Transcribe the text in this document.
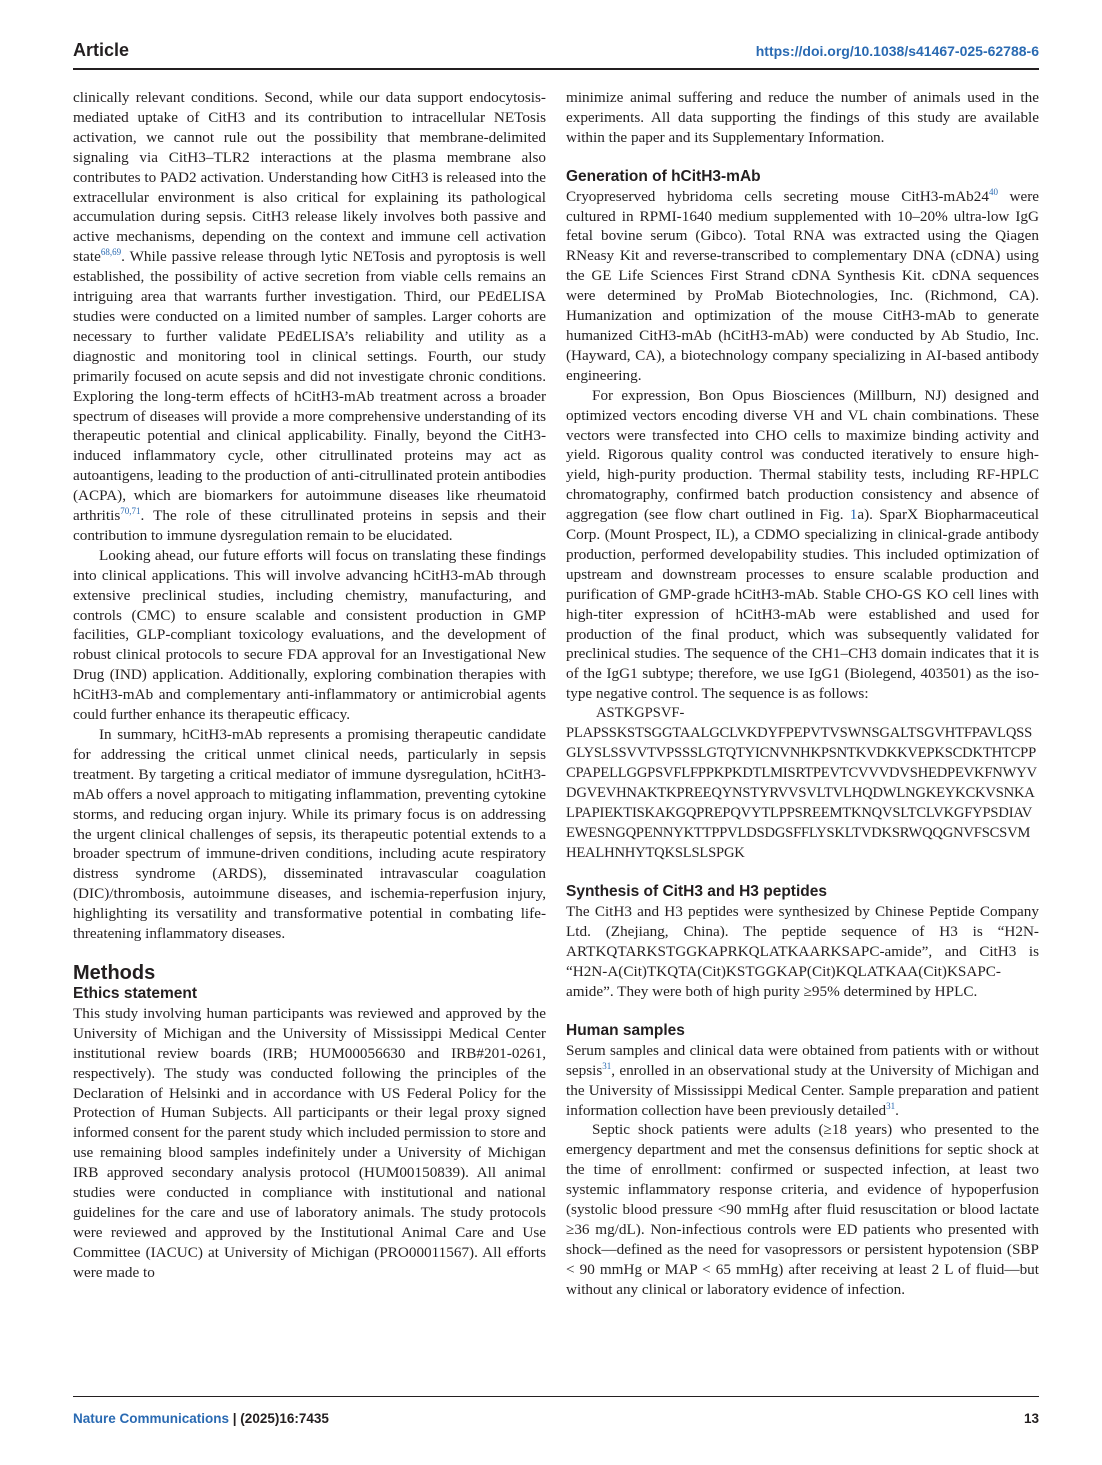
Article	https://doi.org/10.1038/s41467-025-62788-6

clinically relevant conditions. Second, while our data support endocytosis-mediated uptake of CitH3 and its contribution to intracellular NETosis activation, we cannot rule out the possibility that membrane-delimited signaling via CitH3–TLR2 interactions at the plasma membrane also contributes to PAD2 activation. Understanding how CitH3 is released into the extracellular environment is also critical for explaining its pathological accumulation during sepsis. CitH3 release likely involves both passive and active mechanisms, depending on the context and immune cell activation state$^{68,69}$. While passive release through lytic NETosis and pyroptosis is well established, the possibility of active secretion from viable cells remains an intriguing area that warrants further investigation. Third, our PEdELISA studies were conducted on a limited number of samples. Larger cohorts are necessary to further validate PEdELISA’s reliability and utility as a diagnostic and monitoring tool in clinical settings. Fourth, our study primarily focused on acute sepsis and did not investigate chronic conditions. Exploring the long-term effects of hCitH3-mAb treatment across a broader spectrum of diseases will provide a more comprehensive understanding of its therapeutic potential and clinical applicability. Finally, beyond the CitH3-induced inflammatory cycle, other citrullinated proteins may act as autoantigens, leading to the production of anti-citrullinated protein antibodies (ACPA), which are biomarkers for autoimmune diseases like rheumatoid arthritis$^{70,71}$. The role of these citrullinated proteins in sepsis and their contribution to immune dysregulation remain to be elucidated.

Looking ahead, our future efforts will focus on translating these findings into clinical applications. This will involve advancing hCitH3-mAb through extensive preclinical studies, including chemistry, manufacturing, and controls (CMC) to ensure scalable and consistent production in GMP facilities, GLP-compliant toxicology evaluations, and the development of robust clinical protocols to secure FDA approval for an Investigational New Drug (IND) application. Additionally, exploring combination therapies with hCitH3-mAb and complementary anti-inflammatory or antimicrobial agents could further enhance its therapeutic efficacy.

In summary, hCitH3-mAb represents a promising therapeutic candidate for addressing the critical unmet clinical needs, particularly in sepsis treatment. By targeting a critical mediator of immune dysregulation, hCitH3-mAb offers a novel approach to mitigating inflammation, preventing cytokine storms, and reducing organ injury. While its primary focus is on addressing the urgent clinical challenges of sepsis, its therapeutic potential extends to a broader spectrum of immune-driven conditions, including acute respiratory distress syndrome (ARDS), disseminated intravascular coagulation (DIC)/thrombosis, autoimmune diseases, and ischemia-reperfusion injury, highlighting its versatility and transformative potential in combating life-threatening inflammatory diseases.

Methods
Ethics statement

This study involving human participants was reviewed and approved by the University of Michigan and the University of Mississippi Medical Center institutional review boards (IRB; HUM00056630 and IRB#201-0261, respectively). The study was conducted following the principles of the Declaration of Helsinki and in accordance with US Federal Policy for the Protection of Human Subjects. All participants or their legal proxy signed informed consent for the parent study which included permission to store and use remaining blood samples indefinitely under a University of Michigan IRB approved secondary analysis protocol (HUM00150839). All animal studies were conducted in compliance with institutional and national guidelines for the care and use of laboratory animals. The study protocols were reviewed and approved by the Institutional Animal Care and Use Committee (IACUC) at University of Michigan (PRO00011567). All efforts were made to

minimize animal suffering and reduce the number of animals used in the experiments. All data supporting the findings of this study are available within the paper and its Supplementary Information.

Generation of hCitH3-mAb

Cryopreserved hybridoma cells secreting mouse $CitH3-mAb24^{40}$ were cultured in RPMI-1640 medium supplemented with 10–20% ultra-low IgG fetal bovine serum (Gibco). Total RNA was extracted using the Qiagen RNeasy Kit and reverse-transcribed to complementary DNA (cDNA) using the GE Life Sciences First Strand cDNA Synthesis Kit. cDNA sequences were determined by ProMab Biotechnologies, Inc. (Richmond, CA). Humanization and optimization of the mouse CitH3-mAb to generate humanized CitH3-mAb (hCitH3-mAb) were conducted by Ab Studio, Inc. (Hayward, CA), a biotechnology company specializing in AI-based antibody engineering.

For expression, Bon Opus Biosciences (Millburn, NJ) designed and optimized vectors encoding diverse VH and VL chain combinations. These vectors were transfected into CHO cells to maximize binding activity and yield. Rigorous quality control was conducted iteratively to ensure high-yield, high-purity production. Thermal stability tests, including RF-HPLC chromatography, confirmed batch production consistency and absence of aggregation (see flow chart outlined in Fig. 1a). SparX Biopharmaceutical Corp. (Mount Prospect, IL), a CDMO specializing in clinical-grade antibody production, performed developability studies. This included optimization of upstream and downstream processes to ensure scalable production and purification of GMP-grade hCitH3-mAb. Stable CHO-GS KO cell lines with high-titer expression of hCitH3-mAb were established and used for production of the final product, which was subsequently validated for preclinical studies. The sequence of the CH1–CH3 domain indicates that it is of the IgG1 subtype; therefore, we use IgG1 (Biolegend, 403501) as the isotype negative control. The sequence is as follows:

ASTKGPSVF-

PLAPSSKSTSGGTAALGCLVKDYFPEPVTVSWNSGALTSGVHTFPAVLQSSGLYSLSSVVTVPSSSLGTQTYICNVNHKPSNTKVDKKVEPKSCDKTHTCPPCPAPELLGGPSVFLFPPKPKDTLMISRTPEVTCVVVDVSHEDPEVKFNWYVDGVEVHNAKTKPREEQYNSTYRVVSVLTVLHQDWLNGKEYKCKVSNKALPAPIEKTISKAKGQPREPQVYTLPPSREEMTKNQVSLTCLVKGFYPSDIAVEWESNGQPENNYKTTPPVLDSDGSFFLYSKLTVDKSRWQQGNVFSCSVMHEALHNHYTQKSLSLSPGK

Synthesis of CitH3 and H3 peptides

The CitH3 and H3 peptides were synthesized by Chinese Peptide Company Ltd. (Zhejiang, China). The peptide sequence of H3 is “H2N-ARTKQTARKSTGGKAPRKQLATKAARKSAPC-amide”, and CitH3 is “H2N-A(Cit)TKQTA(Cit)KSTGGKAP(Cit)KQLATKAA(Cit)KSAPC-amide”. They were both of high purity ≥95% determined by HPLC.

Human samples

Serum samples and clinical data were obtained from patients with or without sepsis$^{31}$, enrolled in an observational study at the University of Michigan and the University of Mississippi Medical Center. Sample preparation and patient information collection have been previously detailed$^{31}$.

Septic shock patients were adults (≥18 years) who presented to the emergency department and met the consensus definitions for septic shock at the time of enrollment: confirmed or suspected infection, at least two systemic inflammatory response criteria, and evidence of hypoperfusion (systolic blood pressure <90 mmHg after fluid resuscitation or blood lactate ≥36 mg/dL). Non-infectious controls were ED patients who presented with shock—defined as the need for vasopressors or persistent hypotension (SBP < 90 mmHg or MAP < 65 mmHg) after receiving at least 2 L of fluid—but without any clinical or laboratory evidence of infection.

Nature Communications | (2025)16:7435	13
